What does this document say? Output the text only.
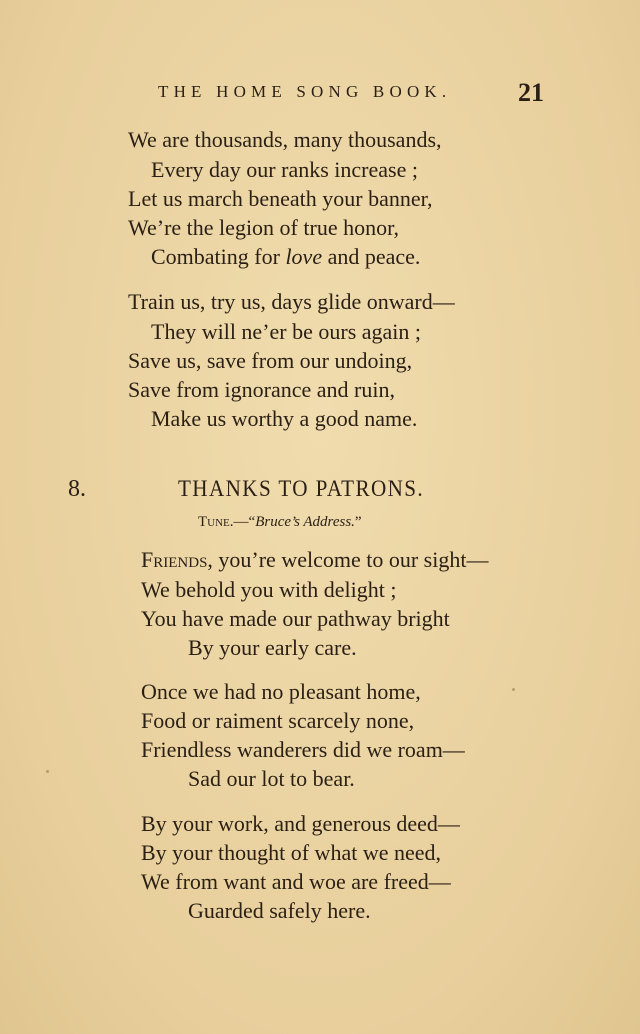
THE HOME SONG BOOK.	21
We are thousands, many thousands,
Every day our ranks increase ;
Let us march beneath your banner,
We’re the legion of true honor,
Combating for love and peace.
Train us, try us, days glide onward—
They will ne’er be ours again ;
Save us, save from our undoing,
Save from ignorance and ruin,
Make us worthy a good name.
8.	THANKS TO PATRONS.
Tune.—“Bruce’s Address.”
Friends, you’re welcome to our sight—
We behold you with delight ;
You have made our pathway bright
By your early care.
Once we had no pleasant home,
Food or raiment scarcely none,
Friendless wanderers did we roam—
Sad our lot to bear.
By your work, and generous deed—
By your thought of what we need,
We from want and woe are freed—
Guarded safely here.
